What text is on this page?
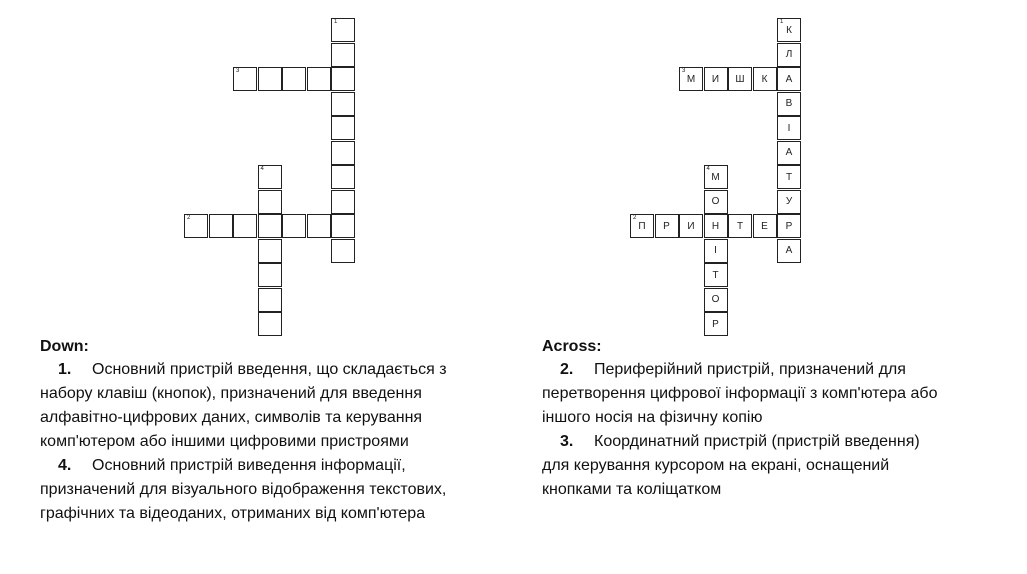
1
2
3
4
1
К
Л
А
В
І
А
Т
У
Р
А
2
П Р И Н Т Е
3
М И Ш К
4
М
О
І
Т
О
Р
Down:

1. Основний пристрій введення, що складається з
набору клавіш (кнопок), призначений для введення
алфавітно-цифрових даних, символів та керування
комп'ютером або іншими цифровими пристроями

4. Основний пристрій виведення інформації,
призначений для візуального відображення текстових,
графічних та відеоданих, отриманих від комп'ютера

Across:

2. Периферійний пристрій, призначений для
перетворення цифрової інформації з комп'ютера або
іншого носія на фізичну копію

3. Координатний пристрій (пристрій введення)
для керування курсором на екрані, оснащений
кнопками та коліщатком
